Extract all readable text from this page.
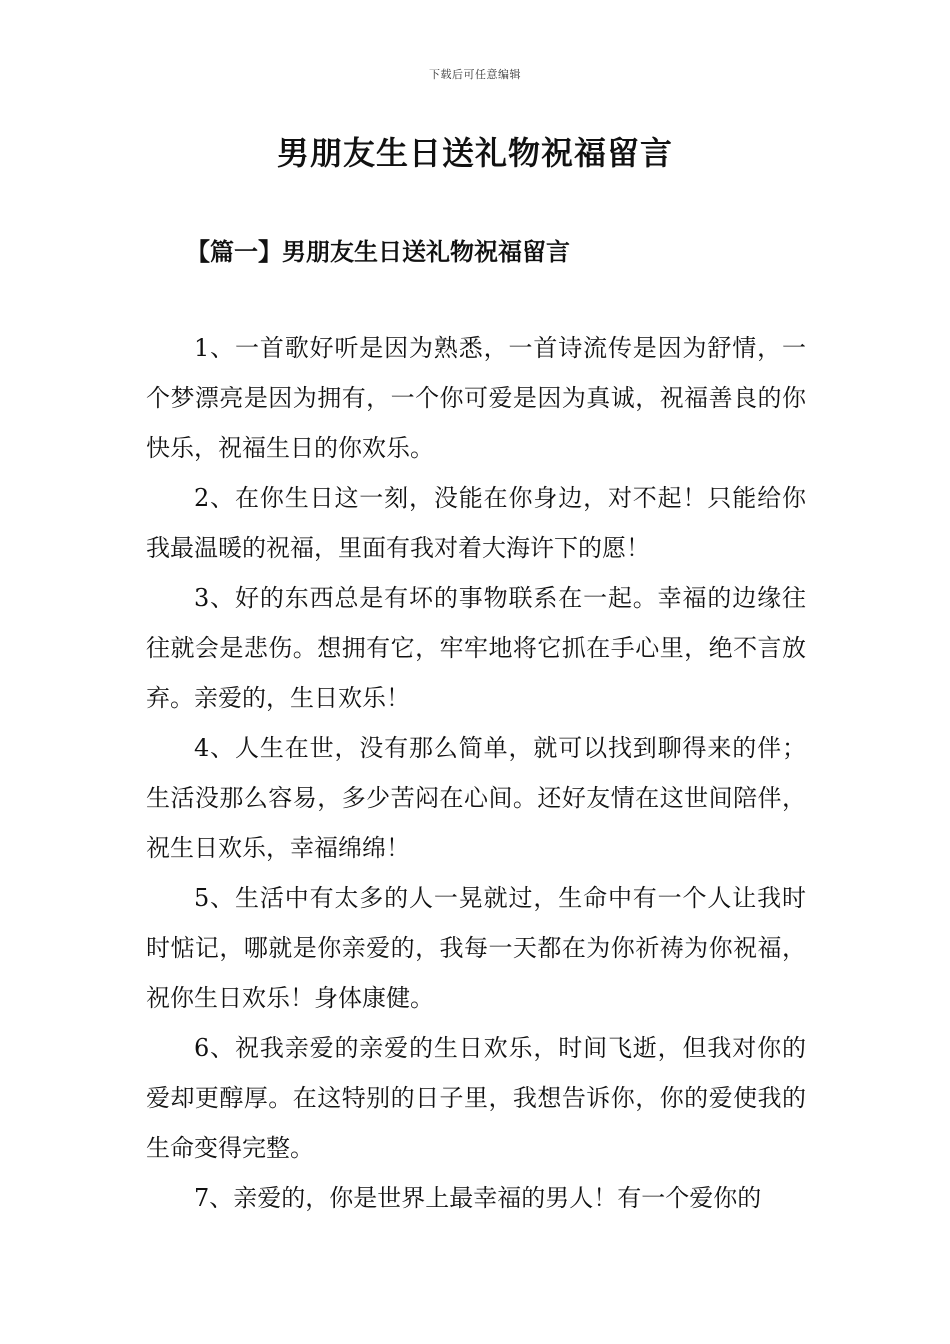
下载后可任意编辑
男朋友生日送礼物祝福留言
【篇一】男朋友生日送礼物祝福留言

1、一首歌好听是因为熟悉，一首诗流传是因为舒情，一个梦漂亮是因为拥有，一个你可爱是因为真诚，祝福善良的你快乐，祝福生日的你欢乐。

2、在你生日这一刻，没能在你身边，对不起！只能给你我最温暖的祝福，里面有我对着大海许下的愿！

3、好的东西总是有坏的事物联系在一起。幸福的边缘往往就会是悲伤。想拥有它，牢牢地将它抓在手心里，绝不言放弃。亲爱的，生日欢乐！

4、人生在世，没有那么简单，就可以找到聊得来的伴；生活没那么容易，多少苦闷在心间。还好友情在这世间陪伴，祝生日欢乐，幸福绵绵！

5、生活中有太多的人一晃就过，生命中有一个人让我时时惦记，哪就是你亲爱的，我每一天都在为你祈祷为你祝福，祝你生日欢乐！身体康健。

6、祝我亲爱的亲爱的生日欢乐，时间飞逝，但我对你的爱却更醇厚。在这特别的日子里，我想告诉你，你的爱使我的生命变得完整。

7、亲爱的，你是世界上最幸福的男人！有一个爱你的
